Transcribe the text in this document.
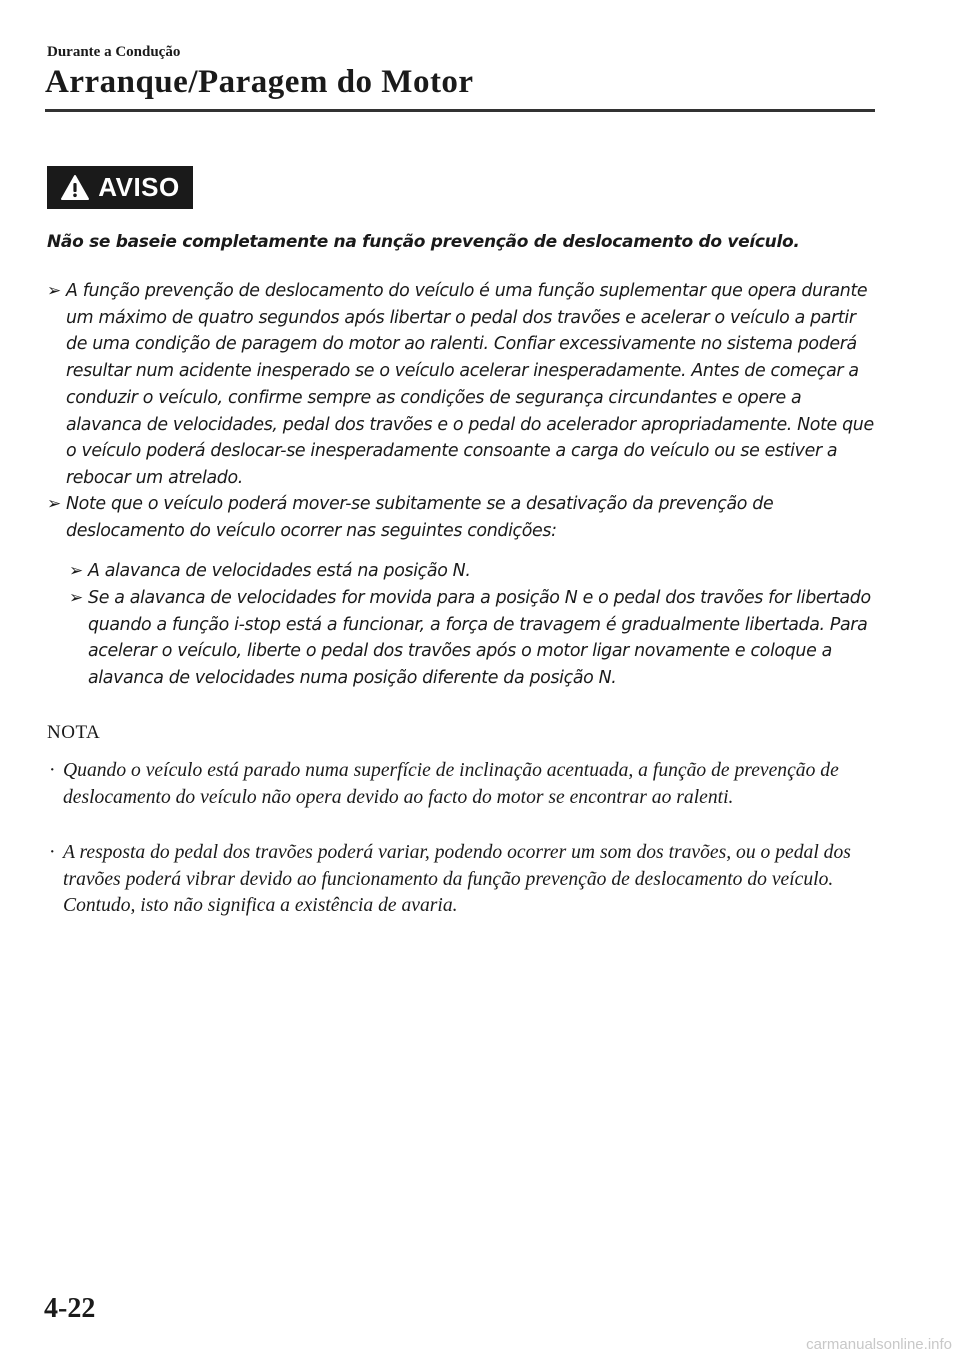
Durante a Condução
Arranque/Paragem do Motor
AVISO
Não se baseie completamente na função prevenção de deslocamento do veículo.
➢ A função prevenção de deslocamento do veículo é uma função suplementar que opera durante um máximo de quatro segundos após libertar o pedal dos travões e acelerar o veículo a partir de uma condição de paragem do motor ao ralenti. Confiar excessivamente no sistema poderá resultar num acidente inesperado se o veículo acelerar inesperadamente. Antes de começar a conduzir o veículo, confirme sempre as condições de segurança circundantes e opere a alavanca de velocidades, pedal dos travões e o pedal do acelerador apropriadamente. Note que o veículo poderá deslocar-se inesperadamente consoante a carga do veículo ou se estiver a rebocar um atrelado.
➢ Note que o veículo poderá mover-se subitamente se a desativação da prevenção de deslocamento do veículo ocorrer nas seguintes condições:
➢ A alavanca de velocidades está na posição N.
➢ Se a alavanca de velocidades for movida para a posição N e o pedal dos travões for libertado quando a função i-stop está a funcionar, a força de travagem é gradualmente libertada. Para acelerar o veículo, liberte o pedal dos travões após o motor ligar novamente e coloque a alavanca de velocidades numa posição diferente da posição N.
NOTA
· Quando o veículo está parado numa superfície de inclinação acentuada, a função de prevenção de deslocamento do veículo não opera devido ao facto do motor se encontrar ao ralenti.
· A resposta do pedal dos travões poderá variar, podendo ocorrer um som dos travões, ou o pedal dos travões poderá vibrar devido ao funcionamento da função prevenção de deslocamento do veículo. Contudo, isto não significa a existência de avaria.
4-22
carmanualsonline.info
